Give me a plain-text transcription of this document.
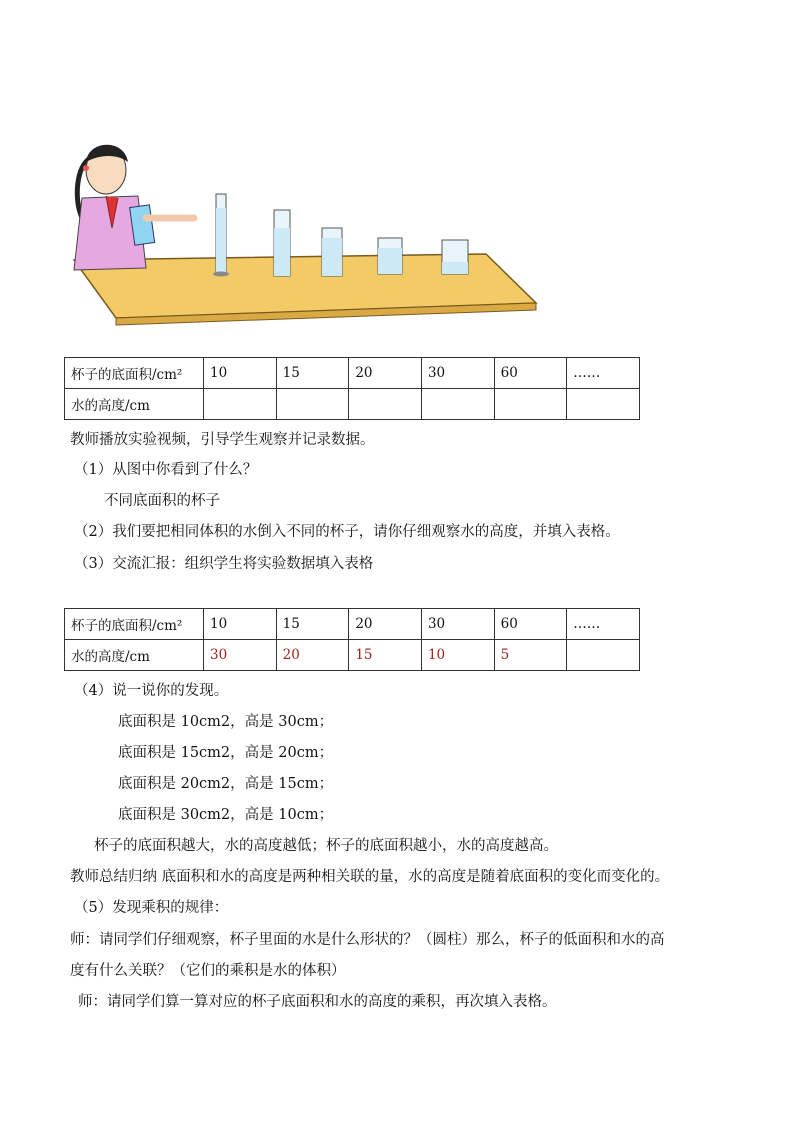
杯子的底面积/cm²	10	15	20	30	60	……
水的高度/cm						
教师播放实验视频，引导学生观察并记录数据。
（1）从图中你看到了什么？
不同底面积的杯子
（2）我们要把相同体积的水倒入不同的杯子，请你仔细观察水的高度，并填入表格。
（3）交流汇报：组织学生将实验数据填入表格
杯子的底面积/cm²	10	15	20	30	60	……
水的高度/cm	30	20	15	10	5	
（4）说一说你的发现。
底面积是 10cm2，高是 30cm；
底面积是 15cm2，高是 20cm；
底面积是 20cm2，高是 15cm；
底面积是 30cm2，高是 10cm；
杯子的底面积越大，水的高度越低；杯子的底面积越小，水的高度越高。
教师总结归纳 底面积和水的高度是两种相关联的量，水的高度是随着底面积的变化而变化的。
（5）发现乘积的规律：
师：请同学们仔细观察，杯子里面的水是什么形状的？（圆柱）那么，杯子的低面积和水的高
度有什么关联？（它们的乘积是水的体积）
师：请同学们算一算对应的杯子底面积和水的高度的乘积，再次填入表格。
